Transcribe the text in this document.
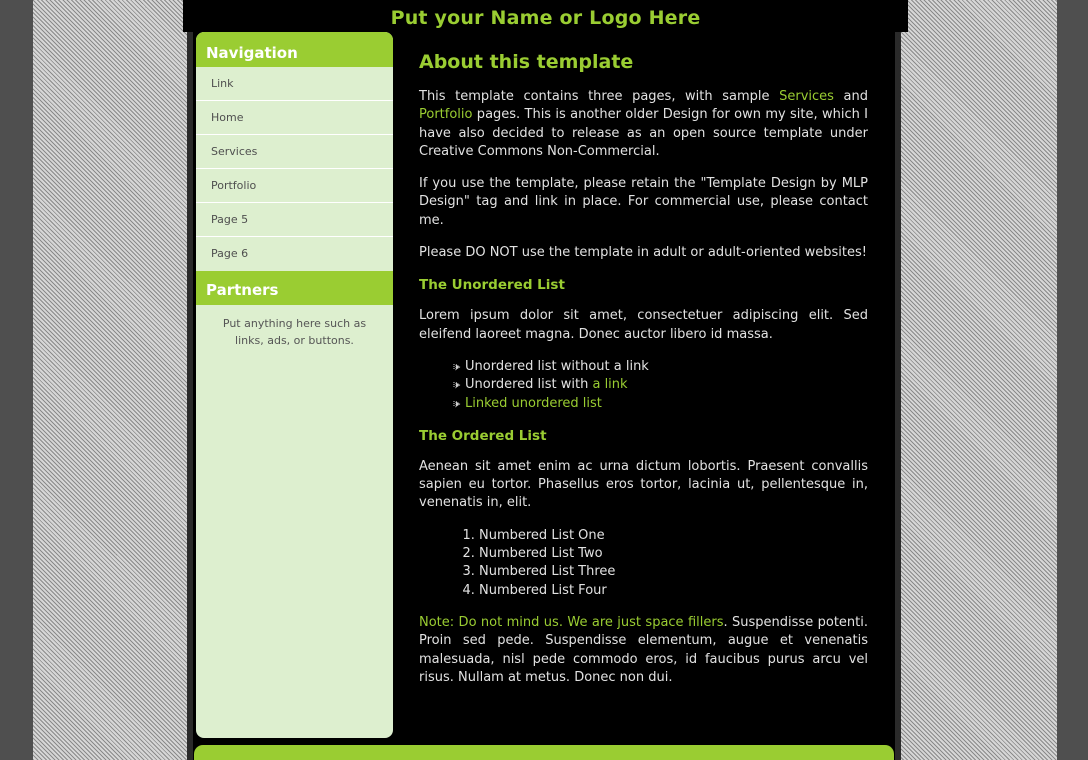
Put your Name or Logo Here
Navigation
Link
Home
Services
Portfolio
Page 5
Page 6
Partners
Put anything here such as links, ads, or buttons.
About this template

This template contains three pages, with sample Services and Portfolio pages. This is another older Design for own my site, which I have also decided to release as an open source template under Creative Commons Non-Commercial.

If you use the template, please retain the "Template Design by MLP Design" tag and link in place. For commercial use, please contact me.

Please DO NOT use the template in adult or adult-oriented websites!

The Unordered List

Lorem ipsum dolor sit amet, consectetuer adipiscing elit. Sed eleifend laoreet magna. Donec auctor libero id massa.

Unordered list without a link
Unordered list with a link
Linked unordered list
The Ordered List

Aenean sit amet enim ac urna dictum lobortis. Praesent convallis sapien eu tortor. Phasellus eros tortor, lacinia ut, pellentesque in, venenatis in, elit.

1. Numbered List One
2. Numbered List Two
3. Numbered List Three
4. Numbered List Four

Note: Do not mind us. We are just space fillers. Suspendisse potenti. Proin sed pede. Suspendisse elementum, augue et venenatis malesuada, nisl pede commodo eros, id faucibus purus arcu vel risus. Nullam at metus. Donec non dui.
